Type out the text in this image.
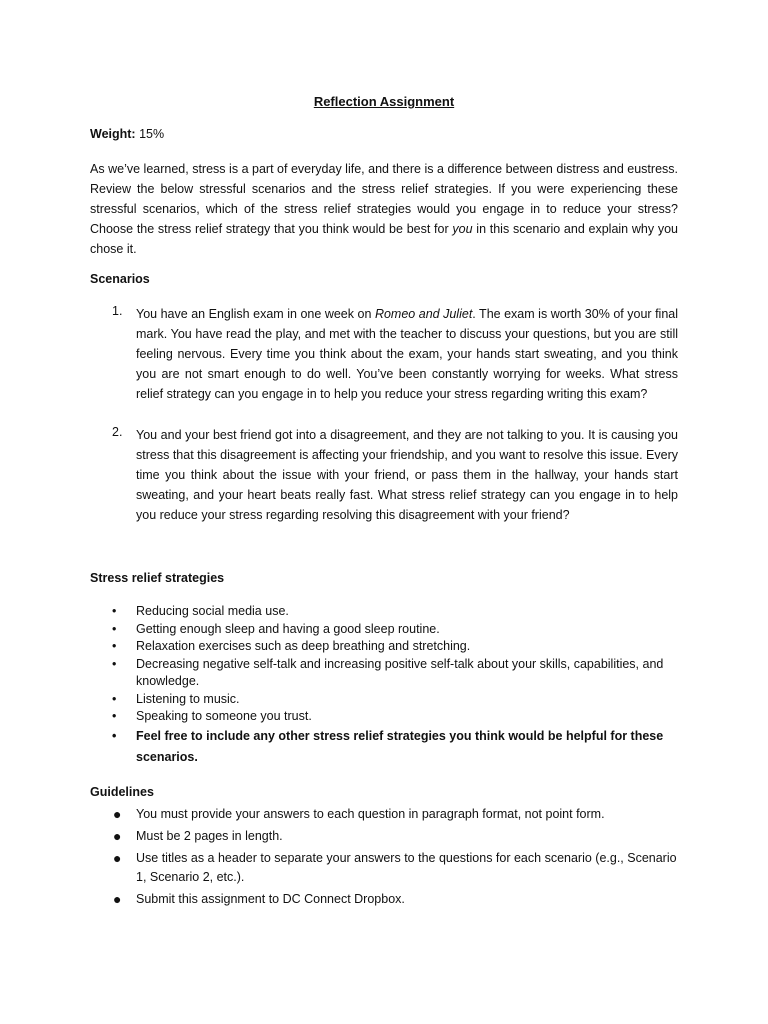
Reflection Assignment
Weight: 15%
As we’ve learned, stress is a part of everyday life, and there is a difference between distress and eustress. Review the below stressful scenarios and the stress relief strategies. If you were experiencing these stressful scenarios, which of the stress relief strategies would you engage in to reduce your stress? Choose the stress relief strategy that you think would be best for you in this scenario and explain why you chose it.
Scenarios
1. You have an English exam in one week on Romeo and Juliet. The exam is worth 30% of your final mark. You have read the play, and met with the teacher to discuss your questions, but you are still feeling nervous. Every time you think about the exam, your hands start sweating, and you think you are not smart enough to do well. You’ve been constantly worrying for weeks. What stress relief strategy can you engage in to help you reduce your stress regarding writing this exam?
2. You and your best friend got into a disagreement, and they are not talking to you. It is causing you stress that this disagreement is affecting your friendship, and you want to resolve this issue. Every time you think about the issue with your friend, or pass them in the hallway, your hands start sweating, and your heart beats really fast. What stress relief strategy can you engage in to help you reduce your stress regarding resolving this disagreement with your friend?
Stress relief strategies
• Reducing social media use.
• Getting enough sleep and having a good sleep routine.
• Relaxation exercises such as deep breathing and stretching.
• Decreasing negative self-talk and increasing positive self-talk about your skills, capabilities, and knowledge.
• Listening to music.
• Speaking to someone you trust.
• Feel free to include any other stress relief strategies you think would be helpful for these scenarios.
Guidelines
● You must provide your answers to each question in paragraph format, not point form.
● Must be 2 pages in length.
● Use titles as a header to separate your answers to the questions for each scenario (e.g., Scenario 1, Scenario 2, etc.).
● Submit this assignment to DC Connect Dropbox.
